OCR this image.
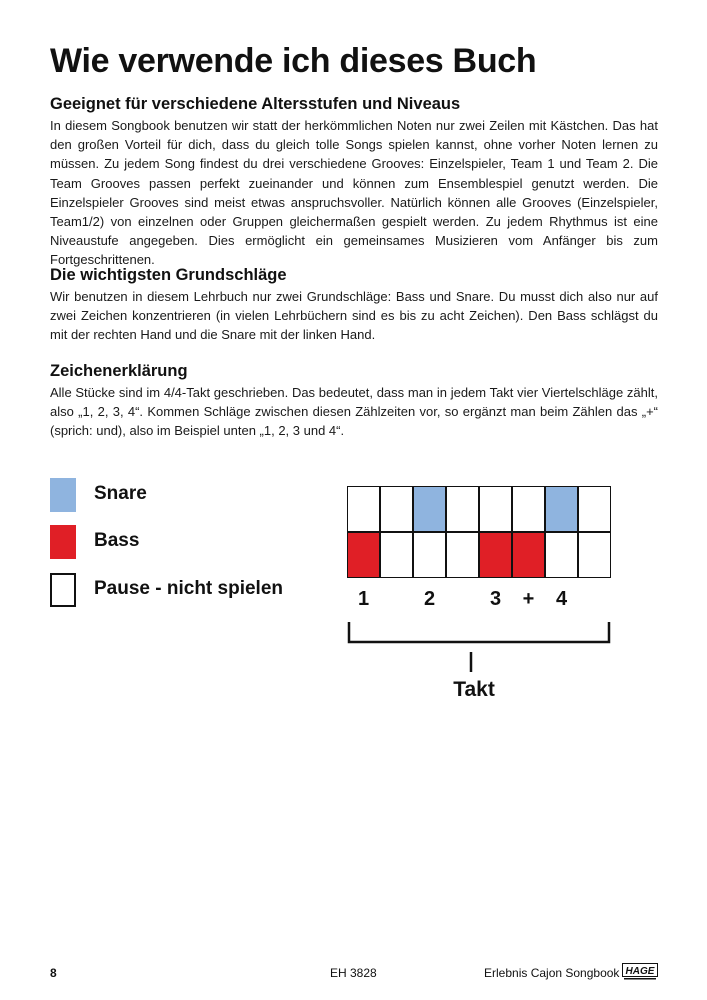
Wie verwende ich dieses Buch
Geeignet für verschiedene Altersstufen und Niveaus

In diesem Songbook benutzen wir statt der herkömmlichen Noten nur zwei Zeilen mit Kästchen. Das hat den großen Vorteil für dich, dass du gleich tolle Songs spielen kannst, ohne vorher Noten lernen zu müssen. Zu jedem Song findest du drei verschiedene Grooves: Einzelspieler, Team 1 und Team 2. Die Team Grooves passen perfekt zueinander und können zum Ensemblespiel genutzt werden. Die Einzelspieler Grooves sind meist etwas anspruchsvoller. Natürlich können alle Grooves (Einzelspieler, Team1/2) von einzelnen oder Gruppen gleichermaßen gespielt werden. Zu jedem Rhythmus ist eine Niveaustufe angegeben. Dies ermöglicht ein gemeinsames Musizieren vom Anfänger bis zum Fortgeschrittenen.

Die wichtigsten Grundschläge

Wir benutzen in diesem Lehrbuch nur zwei Grundschläge: Bass und Snare. Du musst dich also nur auf zwei Zeichen konzentrieren (in vielen Lehrbüchern sind es bis zu acht Zeichen). Den Bass schlägst du mit der rechten Hand und die Snare mit der linken Hand.

Zeichenerklärung

Alle Stücke sind im 4/4-Takt geschrieben. Das bedeutet, dass man in jedem Takt vier Viertelschläge zählt, also „1, 2, 3, 4“. Kommen Schläge zwischen diesen Zählzeiten vor, so ergänzt man beim Zählen das „+“ (sprich: und), also im Beispiel unten „1, 2, 3 und 4“.

Snare
Bass
Pause - nicht spielen	1	2	3	+	4
Takt
8	EH 3828	Erlebnis Cajon Songbook HAGE
